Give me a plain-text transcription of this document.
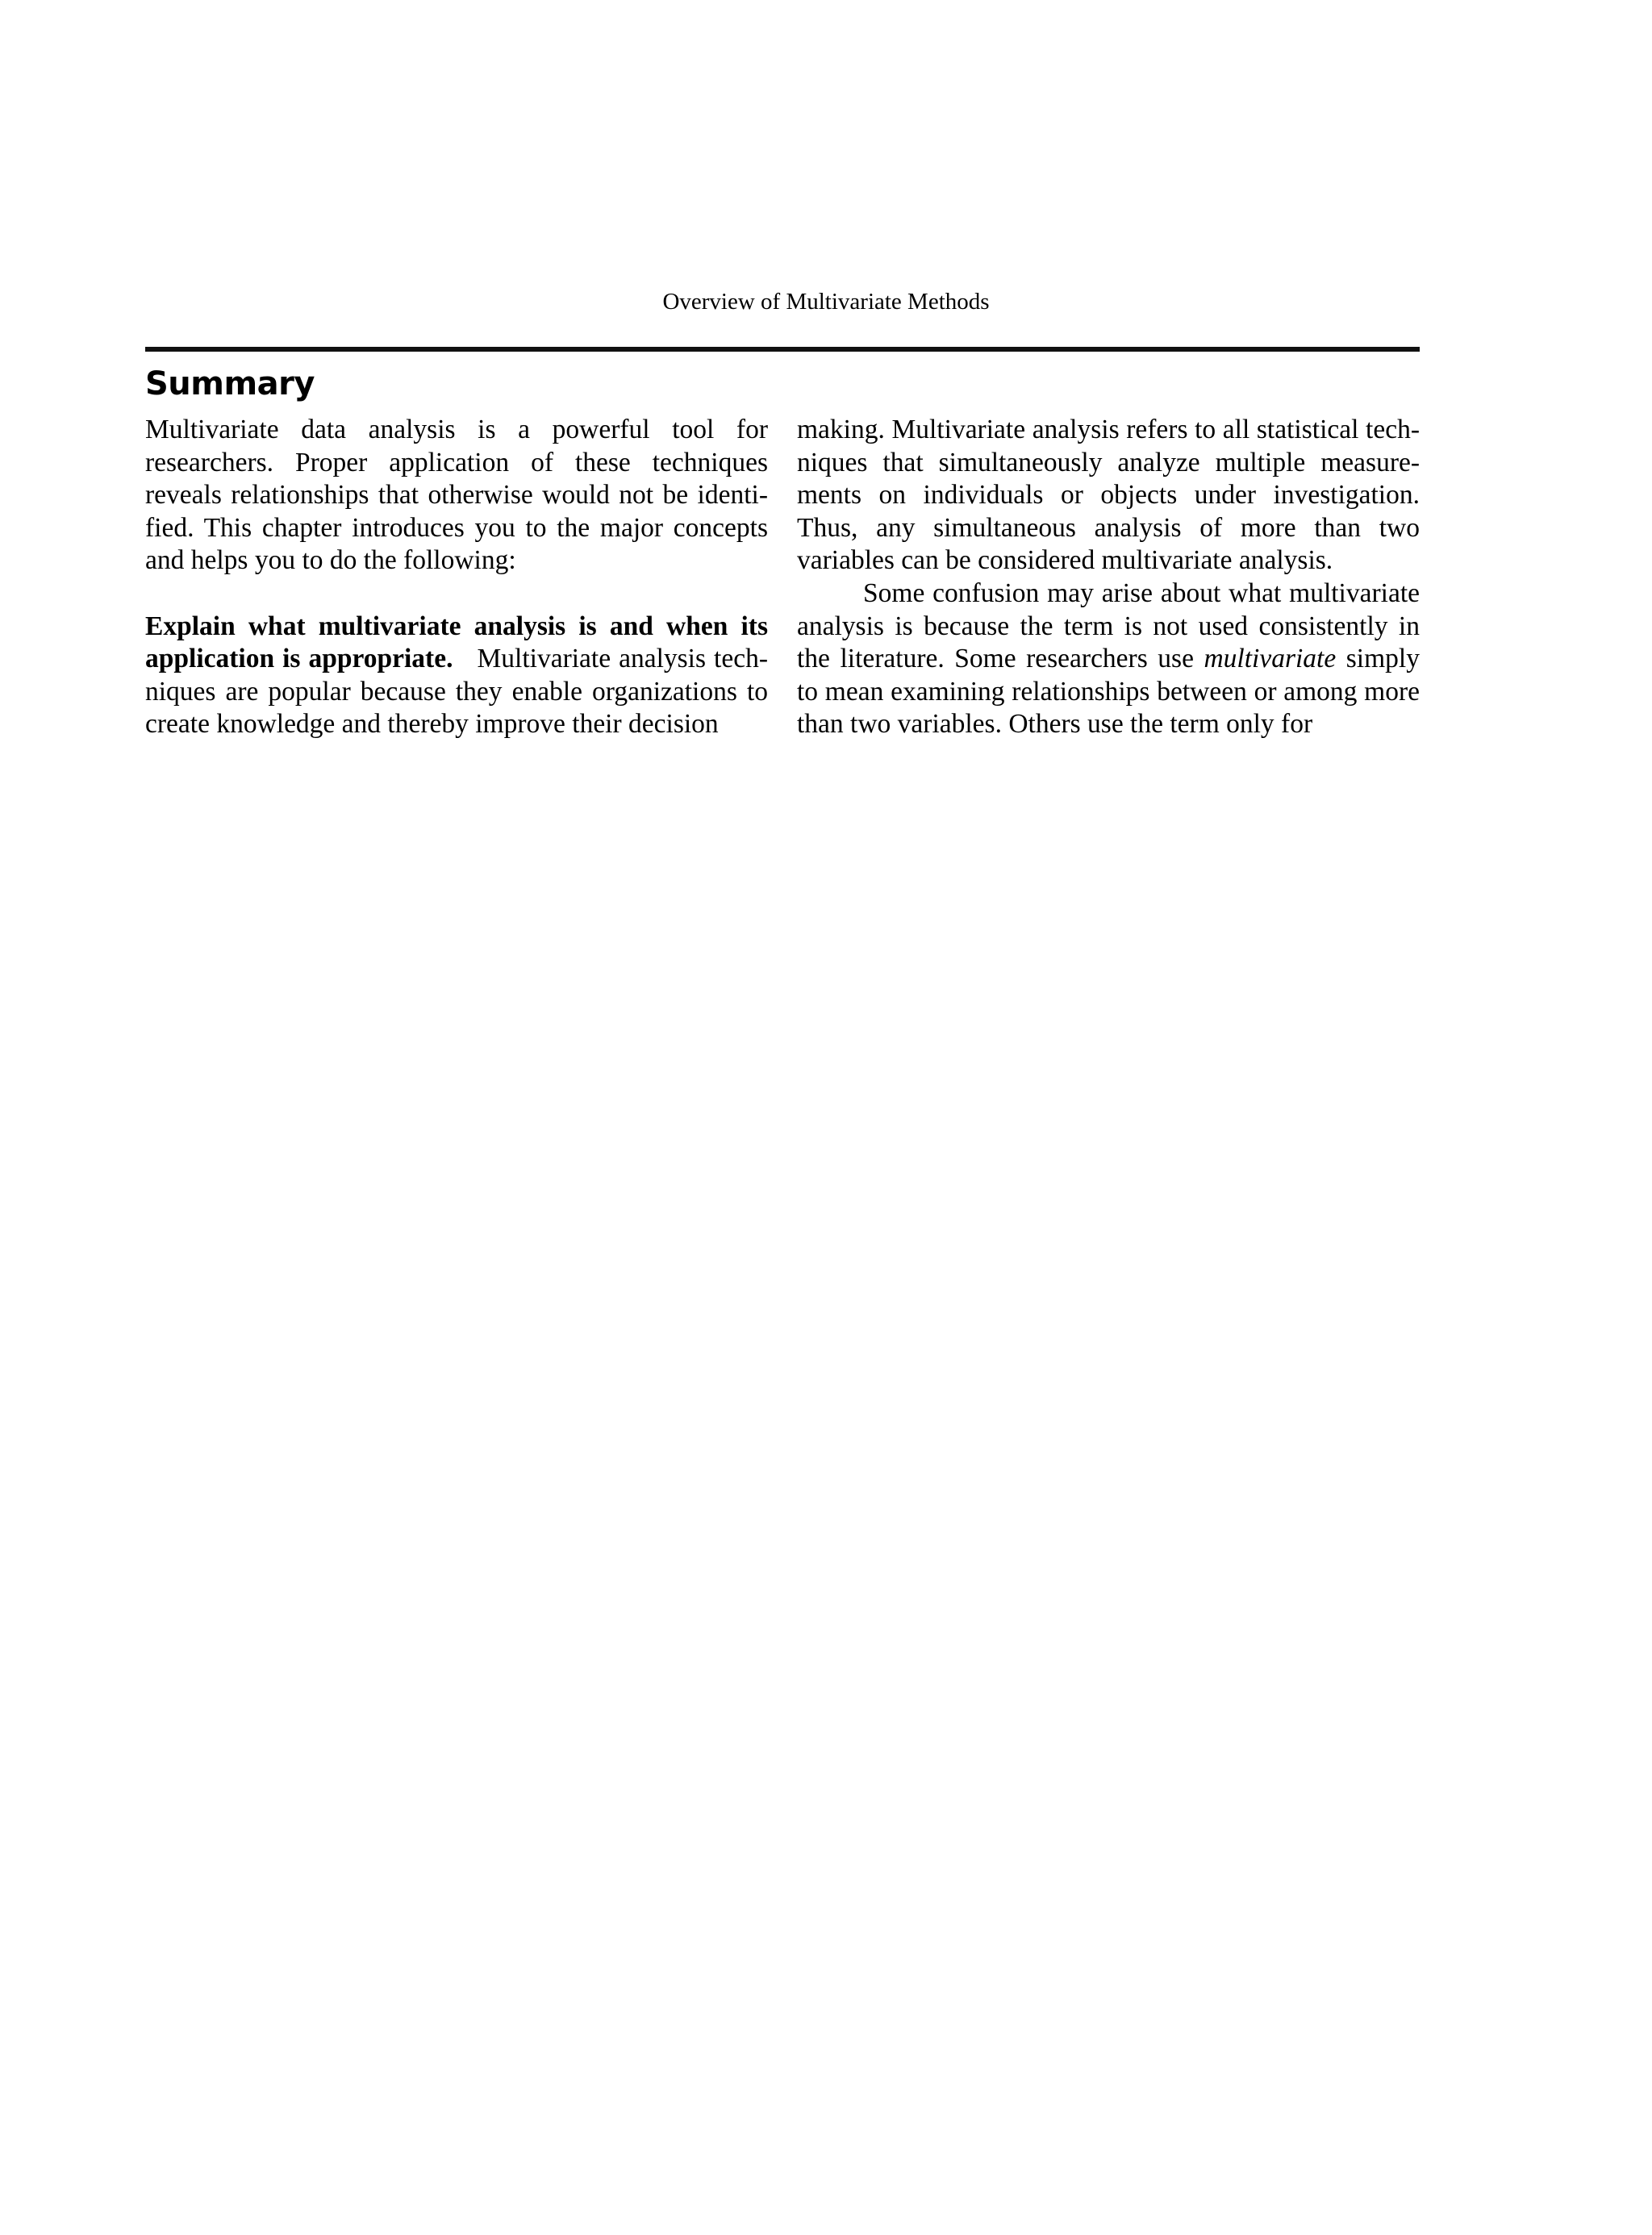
Overview of Multivariate Methods
Summary

Multivariate data analysis is a powerful tool for researchers. Proper application of these techniques reveals relationships that otherwise would not be identified. This chapter introduces you to the major concepts and helps you to do the following:

Explain what multivariate analysis is and when its application is appropriate. Multivariate analysis techniques are popular because they enable organizations to create knowledge and thereby improve their decision

making. Multivariate analysis refers to all statistical techniques that simultaneously analyze multiple measurements on individuals or objects under investigation. Thus, any simultaneous analysis of more than two variables can be considered multivariate analysis.

Some confusion may arise about what multivariate analysis is because the term is not used consistently in the literature. Some researchers use multivariate simply to mean examining relationships between or among more than two variables. Others use the term only for
